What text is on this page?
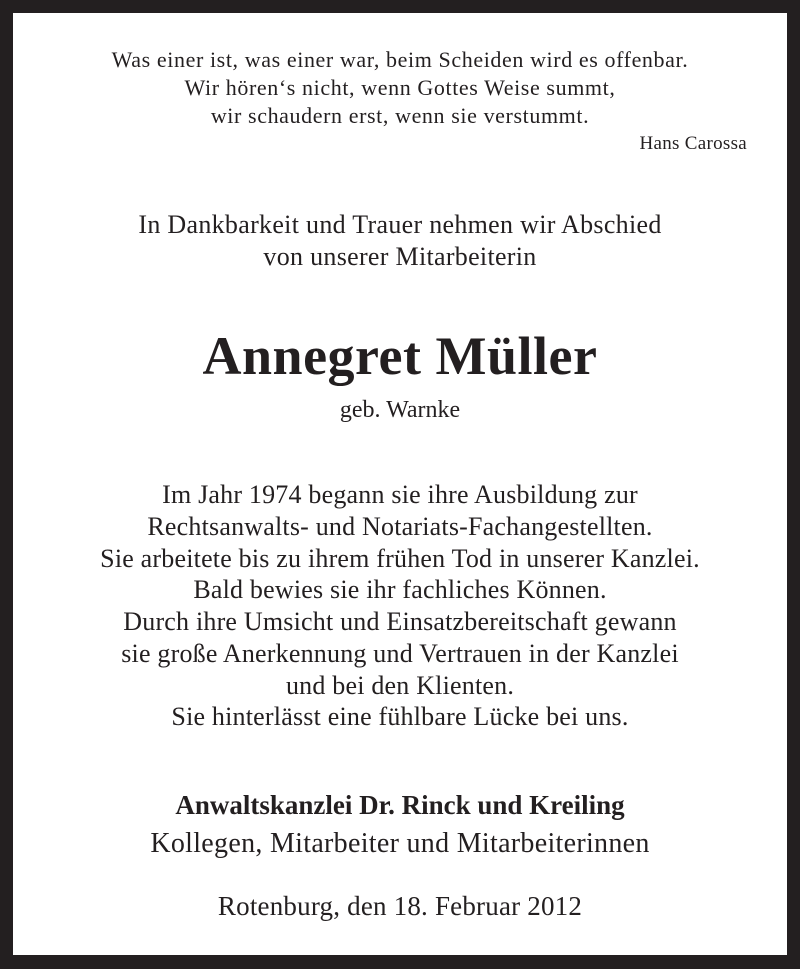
Was einer ist, was einer war, beim Scheiden wird es offenbar.
Wir hören‘s nicht, wenn Gottes Weise summt,
wir schaudern erst, wenn sie verstummt.
Hans Carossa
In Dankbarkeit und Trauer nehmen wir Abschied
von unserer Mitarbeiterin
Annegret Müller
geb. Warnke
Im Jahr 1974 begann sie ihre Ausbildung zur
Rechtsanwalts- und Notariats-Fachangestellten.
Sie arbeitete bis zu ihrem frühen Tod in unserer Kanzlei.
Bald bewies sie ihr fachliches Können.
Durch ihre Umsicht und Einsatzbereitschaft gewann
sie große Anerkennung und Vertrauen in der Kanzlei
und bei den Klienten.
Sie hinterlässt eine fühlbare Lücke bei uns.
Anwaltskanzlei Dr. Rinck und Kreiling
Kollegen, Mitarbeiter und Mitarbeiterinnen
Rotenburg, den 18. Februar 2012
